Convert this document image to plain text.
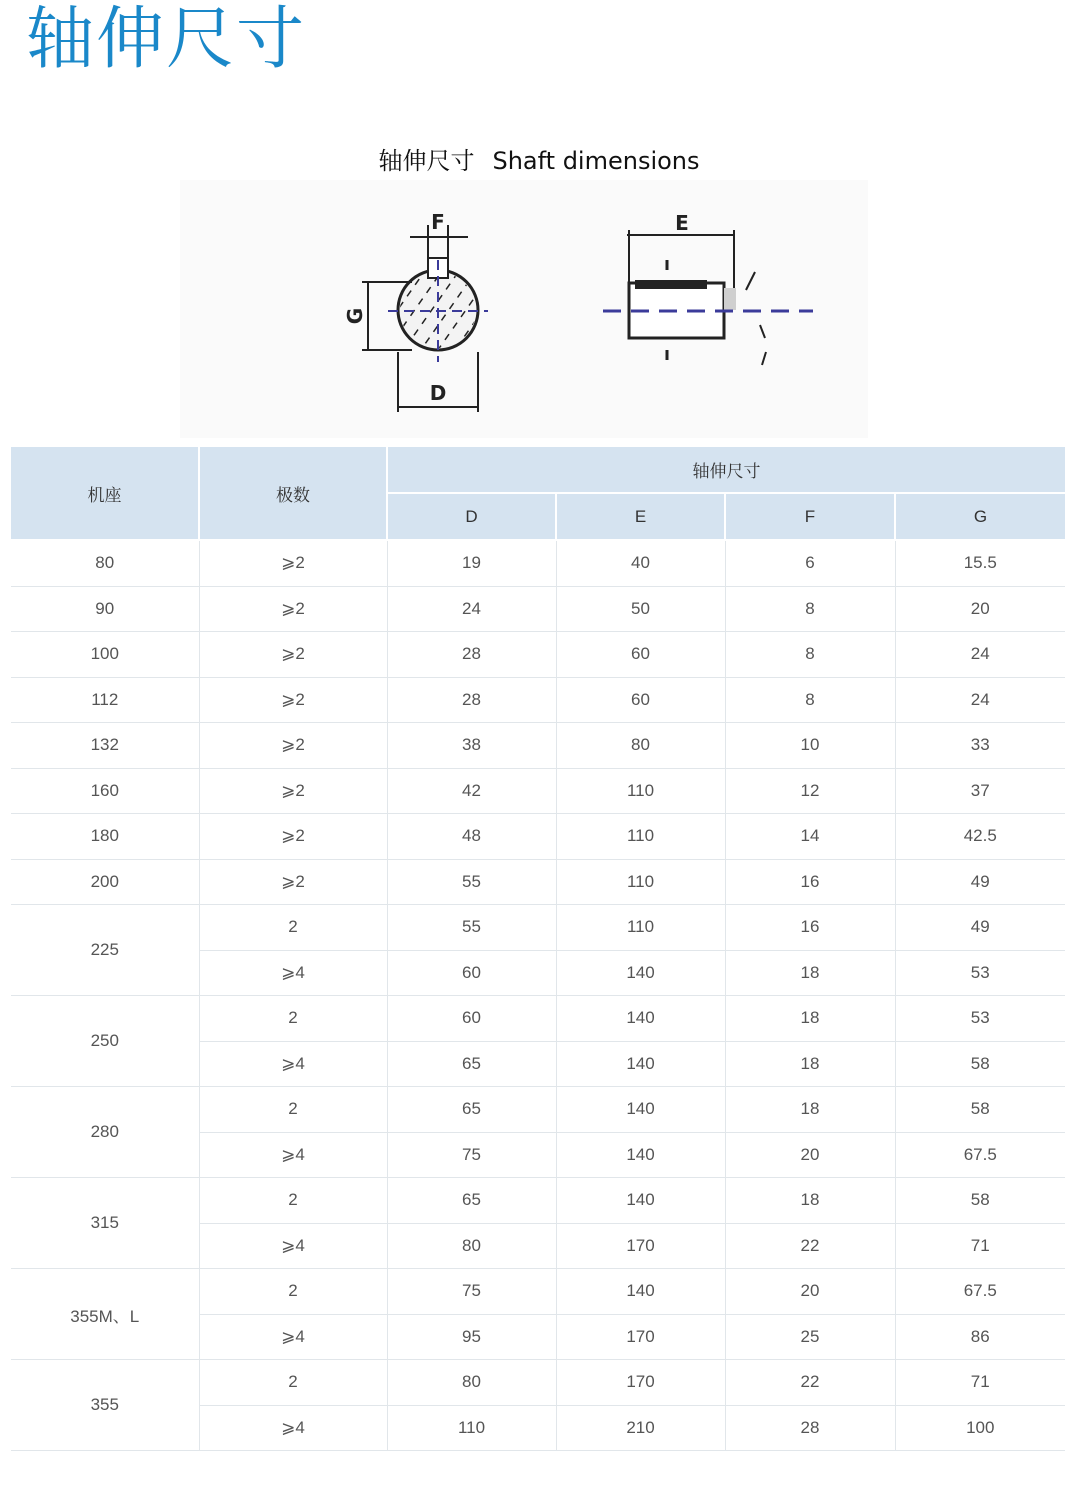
轴伸尺寸
轴伸尺寸 Shaft dimensions
F
G
D
E
机座	极数	轴伸尺寸			
		D	E	F	G
80	⩾2	19	40	6	15.5
90	⩾2	24	50	8	20
100	⩾2	28	60	8	24
112	⩾2	28	60	8	24
132	⩾2	38	80	10	33
160	⩾2	42	110	12	37
180	⩾2	48	110	14	42.5
200	⩾2	55	110	16	49
225	2	55	110	16	49
	⩾4	60	140	18	53
250	2	60	140	18	53
	⩾4	65	140	18	58
280	2	65	140	18	58
	⩾4	75	140	20	67.5
315	2	65	140	18	58
	⩾4	80	170	22	71
355M、L	2	75	140	20	67.5
	⩾4	95	170	25	86
355	2	80	170	22	71
	⩾4	110	210	28	100
